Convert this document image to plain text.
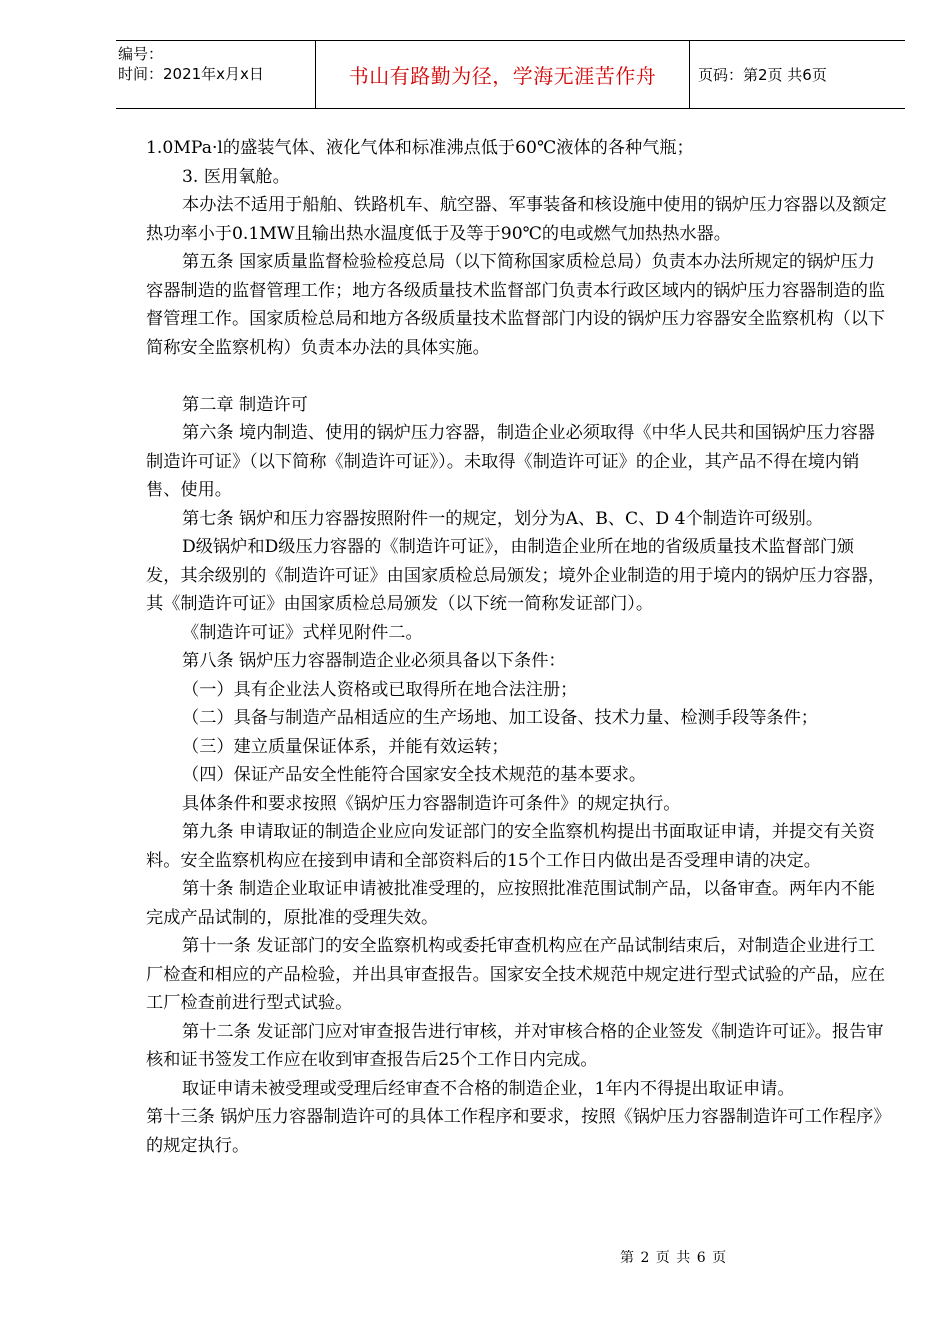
编号：
时间：2021年x月x日	书山有路勤为径，学海无涯苦作舟	页码：第2页 共6页

1.0MPa·l的盛装气体、液化气体和标准沸点低于60℃液体的各种气瓶；

3. 医用氧舱。

本办法不适用于船舶、铁路机车、航空器、军事装备和核设施中使用的锅炉压力容器以及额定热功率小于0.1MW且输出热水温度低于及等于90℃的电或燃气加热热水器。

第五条 国家质量监督检验检疫总局（以下简称国家质检总局）负责本办法所规定的锅炉压力容器制造的监督管理工作；地方各级质量技术监督部门负责本行政区域内的锅炉压力容器制造的监督管理工作。国家质检总局和地方各级质量技术监督部门内设的锅炉压力容器安全监察机构（以下简称安全监察机构）负责本办法的具体实施。

第二章 制造许可

第六条 境内制造、使用的锅炉压力容器，制造企业必须取得《中华人民共和国锅炉压力容器制造许可证》（以下简称《制造许可证》）。未取得《制造许可证》的企业，其产品不得在境内销售、使用。

第七条 锅炉和压力容器按照附件一的规定，划分为A、B、C、D 4个制造许可级别。

D级锅炉和D级压力容器的《制造许可证》，由制造企业所在地的省级质量技术监督部门颁发，其余级别的《制造许可证》由国家质检总局颁发；境外企业制造的用于境内的锅炉压力容器，其《制造许可证》由国家质检总局颁发（以下统一简称发证部门）。

《制造许可证》式样见附件二。

第八条 锅炉压力容器制造企业必须具备以下条件：

（一）具有企业法人资格或已取得所在地合法注册；

（二）具备与制造产品相适应的生产场地、加工设备、技术力量、检测手段等条件；

（三）建立质量保证体系，并能有效运转；

（四）保证产品安全性能符合国家安全技术规范的基本要求。

具体条件和要求按照《锅炉压力容器制造许可条件》的规定执行。

第九条 申请取证的制造企业应向发证部门的安全监察机构提出书面取证申请，并提交有关资料。安全监察机构应在接到申请和全部资料后的15个工作日内做出是否受理申请的决定。

第十条 制造企业取证申请被批准受理的，应按照批准范围试制产品，以备审查。两年内不能完成产品试制的，原批准的受理失效。

第十一条 发证部门的安全监察机构或委托审查机构应在产品试制结束后，对制造企业进行工厂检查和相应的产品检验，并出具审查报告。国家安全技术规范中规定进行型式试验的产品，应在工厂检查前进行型式试验。

第十二条 发证部门应对审查报告进行审核，并对审核合格的企业签发《制造许可证》。报告审核和证书签发工作应在收到审查报告后25个工作日内完成。

取证申请未被受理或受理后经审查不合格的制造企业，1年内不得提出取证申请。

第十三条 锅炉压力容器制造许可的具体工作程序和要求，按照《锅炉压力容器制造许可工作程序》的规定执行。

第 2 页 共 6 页
